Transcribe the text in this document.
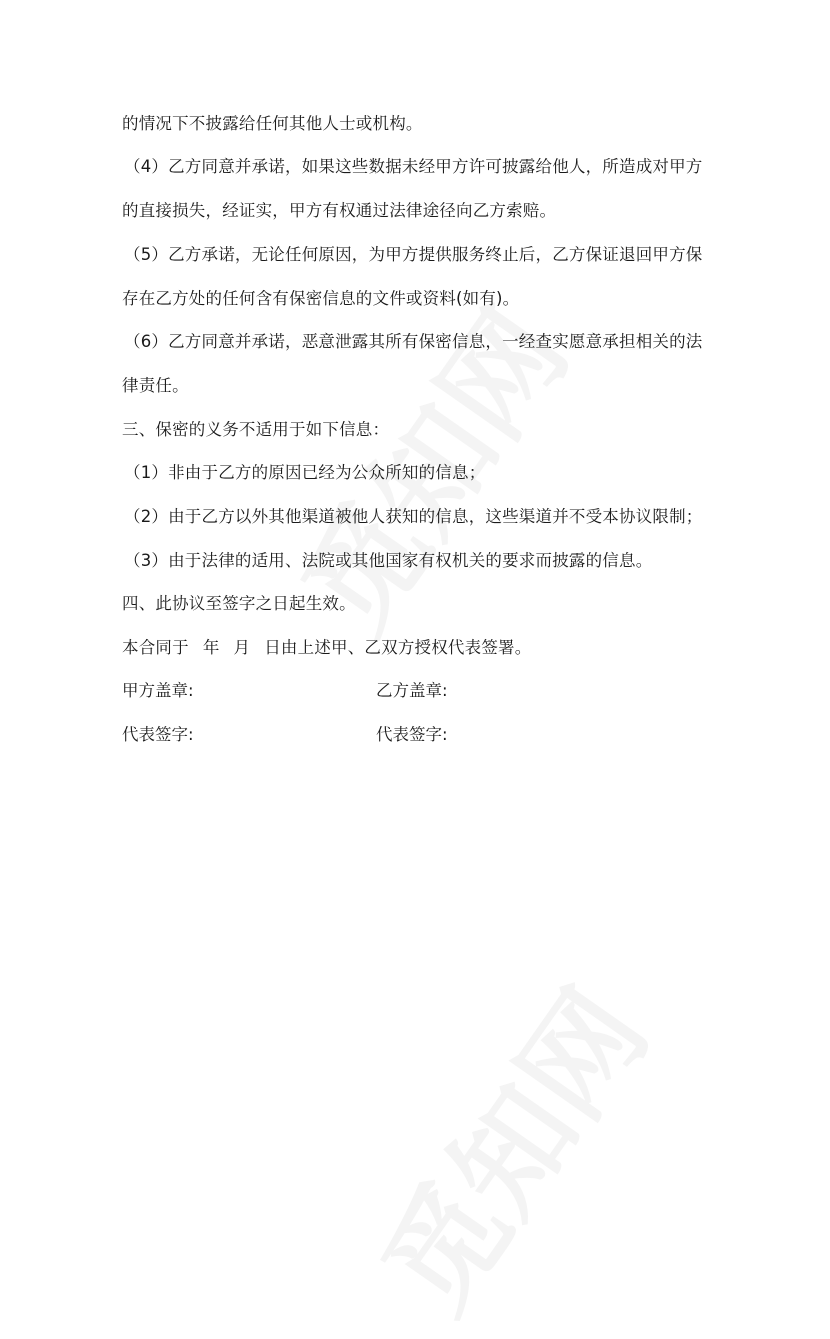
的情况下不披露给任何其他人士或机构。
（4）乙方同意并承诺，如果这些数据未经甲方许可披露给他人，所造成对甲方
的直接损失，经证实，甲方有权通过法律途径向乙方索赔。
（5）乙方承诺，无论任何原因，为甲方提供服务终止后，乙方保证退回甲方保
存在乙方处的任何含有保密信息的文件或资料(如有)。
（6）乙方同意并承诺，恶意泄露其所有保密信息，一经查实愿意承担相关的法
律责任。
三、保密的义务不适用于如下信息：
（1）非由于乙方的原因已经为公众所知的信息；
（2）由于乙方以外其他渠道被他人获知的信息，这些渠道并不受本协议限制；
（3）由于法律的适用、法院或其他国家有权机关的要求而披露的信息。
四、此协议至签字之日起生效。
本合同于 年 月 日由上述甲、乙双方授权代表签署。
甲方盖章:	乙方盖章:
代表签字:	代表签字:
